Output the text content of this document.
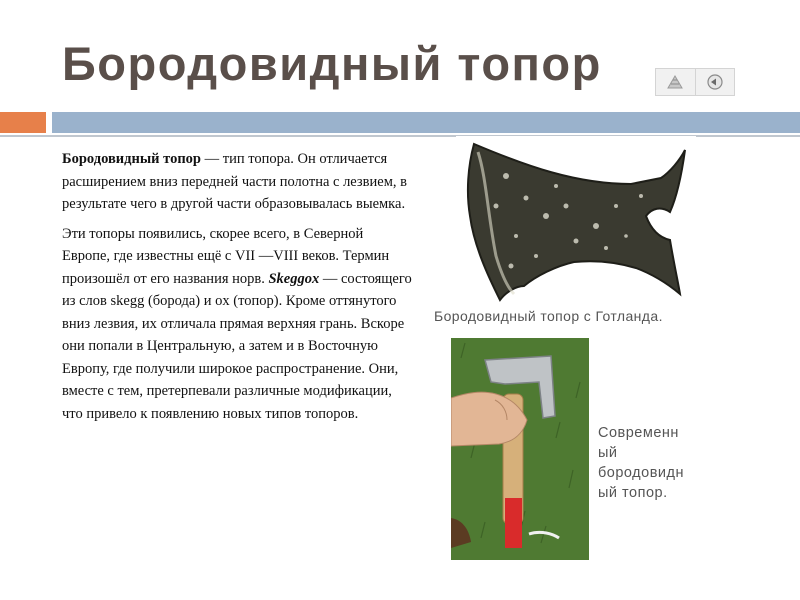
Бородовидный топор

Бородовидный топор — тип топора. Он отличается расширением вниз передней части полотна с лезвием, в результате чего в другой части образовывалась выемка.

Эти топоры появились, скорее всего, в Северной Европе, где известны ещё с VII —VIII веков. Термин произошёл от его названия норв. Skeggox — состоящего из слов skegg (борода) и ox (топор). Кроме оттянутого вниз лезвия, их отличала прямая верхняя грань. Вскоре они попали в Центральную, а затем и в Восточную Европу, где получили широкое распространение. Они, вместе с тем, претерпевали различные модификации, что привело к появлению новых типов топоров.

Бородовидный топор с Готланда.
Современн
ый
бородовидн
ый топор.
